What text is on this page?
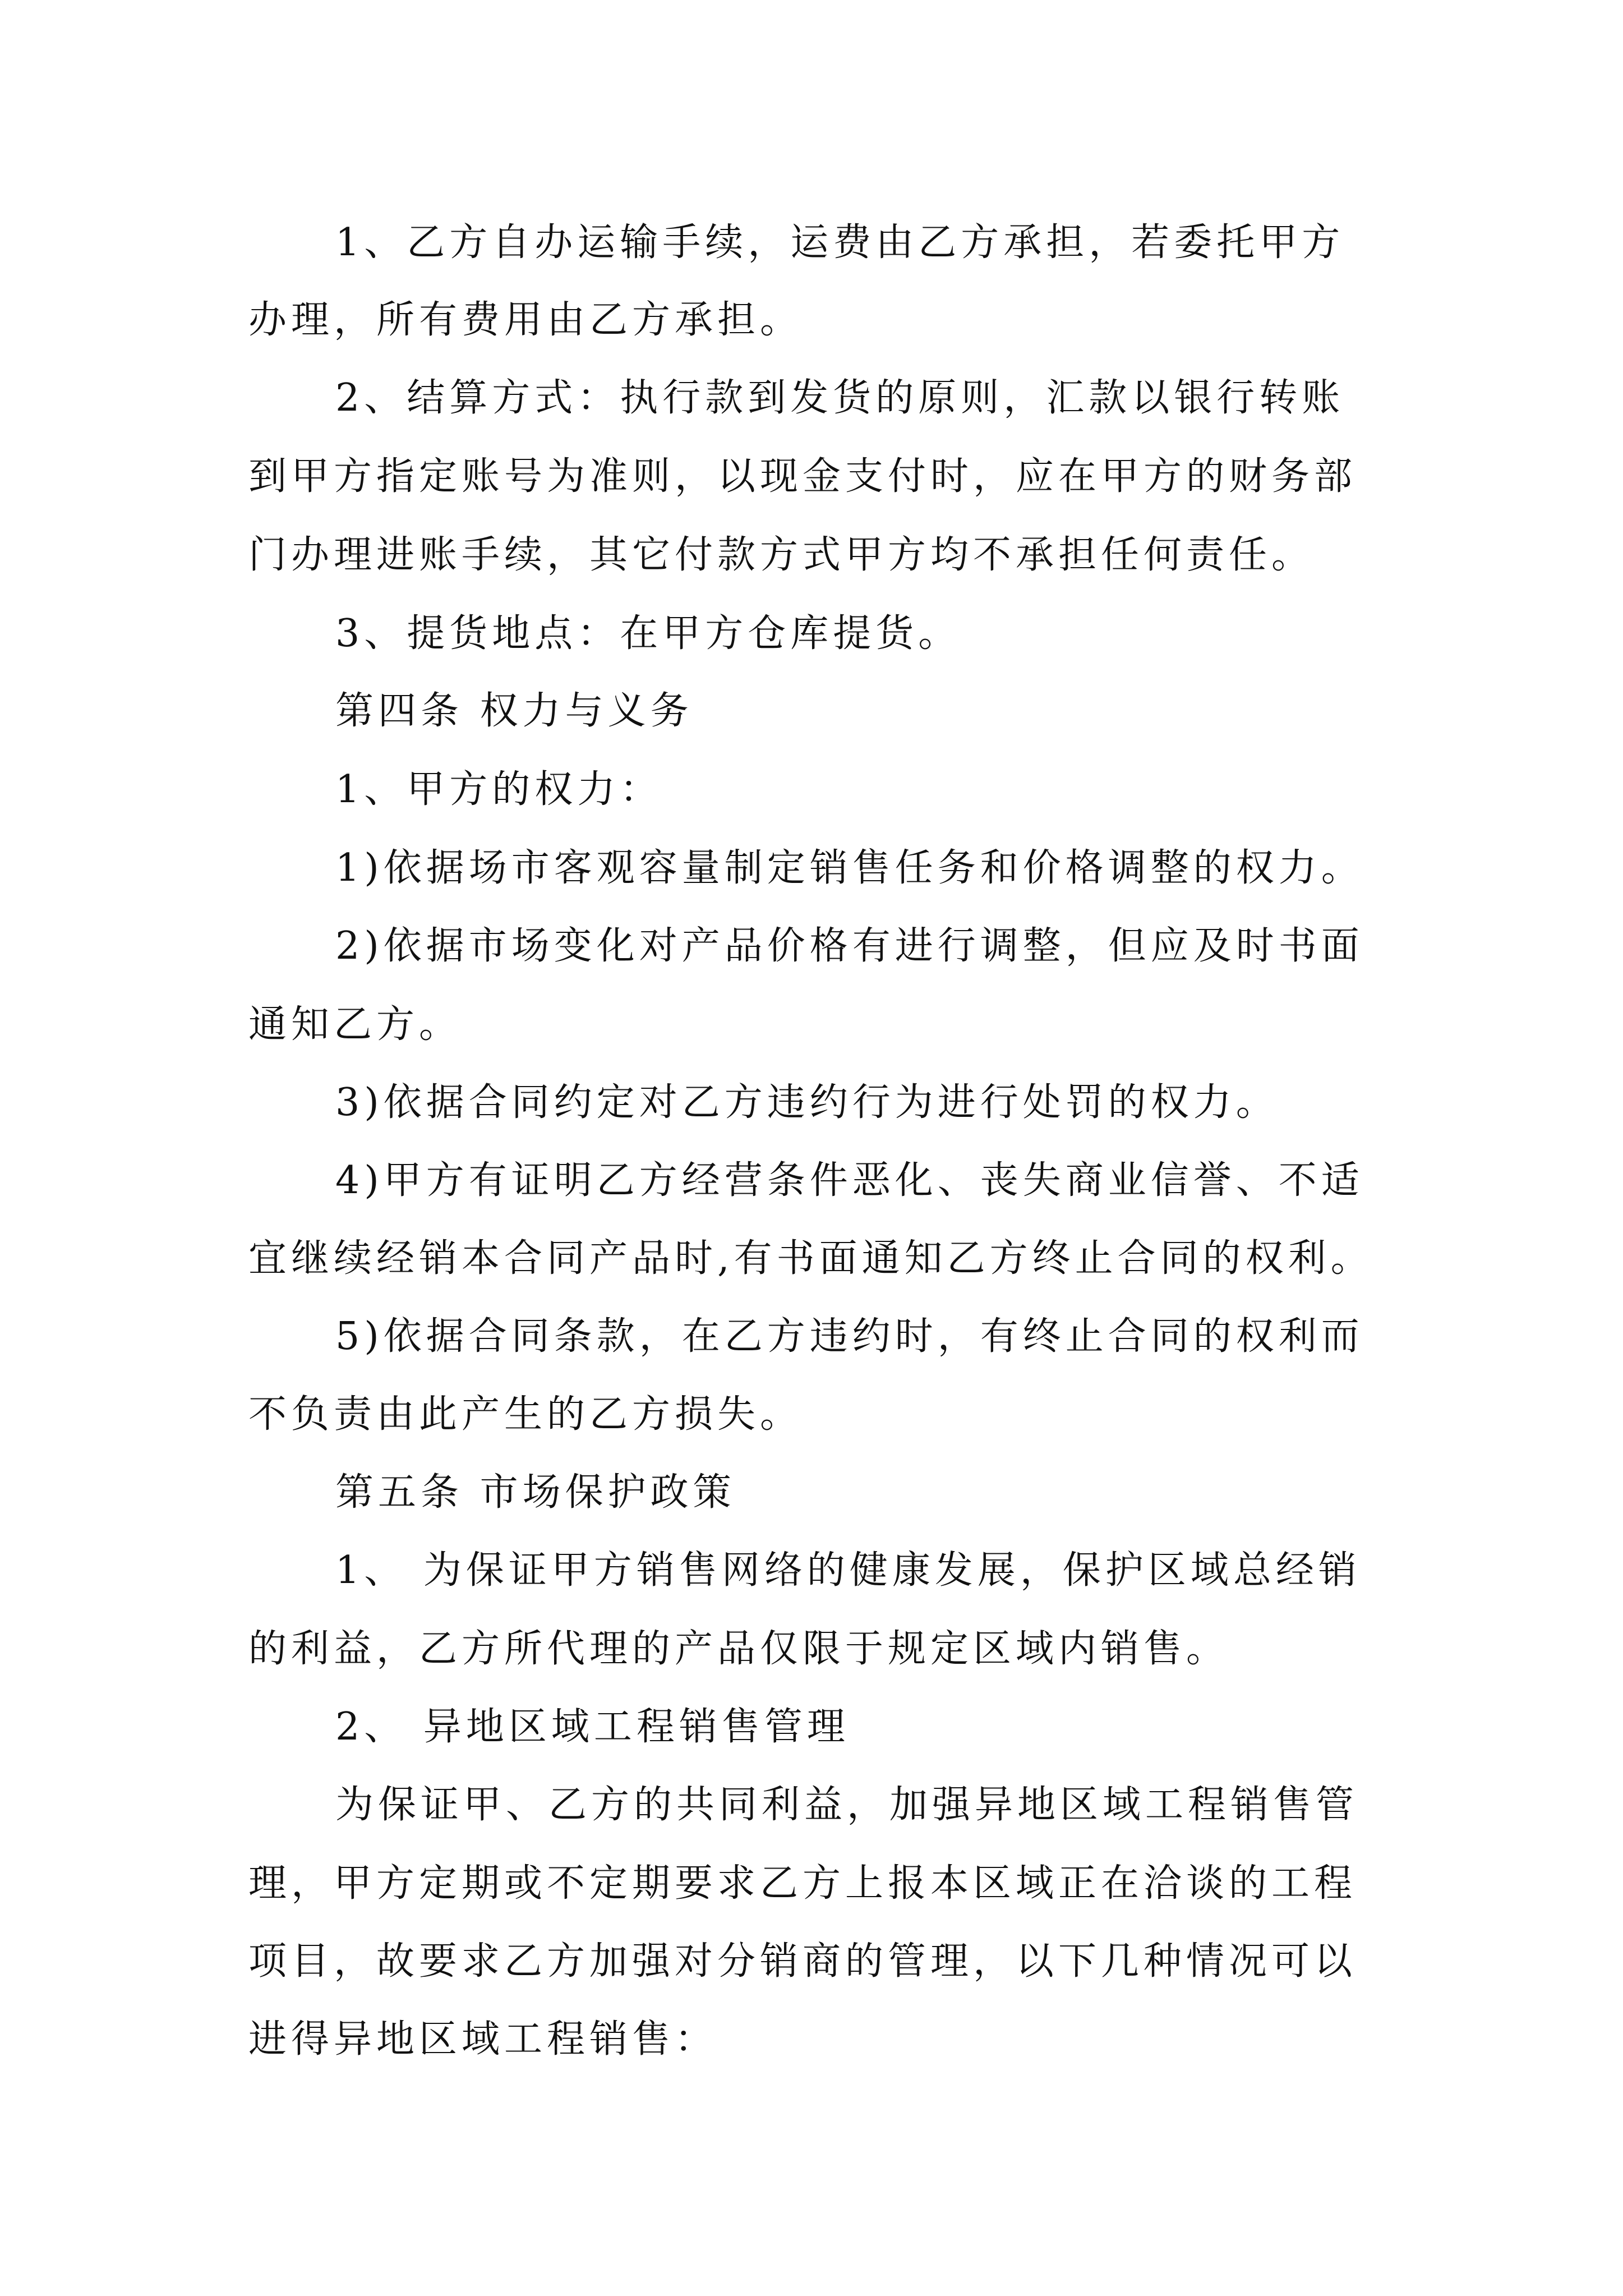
1、乙方自办运输手续，运费由乙方承担，若委托甲方

办理，所有费用由乙方承担。

2、结算方式：执行款到发货的原则，汇款以银行转账

到甲方指定账号为准则，以现金支付时，应在甲方的财务部

门办理进账手续，其它付款方式甲方均不承担任何责任。

3、提货地点：在甲方仓库提货。

第四条 权力与义务

1、甲方的权力：

1)依据场市客观容量制定销售任务和价格调整的权力。

2)依据市场变化对产品价格有进行调整，但应及时书面

通知乙方。

3)依据合同约定对乙方违约行为进行处罚的权力。

4)甲方有证明乙方经营条件恶化、丧失商业信誉、不适

宜继续经销本合同产品时,有书面通知乙方终止合同的权利。

5)依据合同条款，在乙方违约时，有终止合同的权利而

不负责由此产生的乙方损失。

第五条 市场保护政策

1、 为保证甲方销售网络的健康发展，保护区域总经销

的利益，乙方所代理的产品仅限于规定区域内销售。

2、 异地区域工程销售管理

为保证甲、乙方的共同利益，加强异地区域工程销售管

理，甲方定期或不定期要求乙方上报本区域正在洽谈的工程

项目，故要求乙方加强对分销商的管理，以下几种情况可以

进得异地区域工程销售：
